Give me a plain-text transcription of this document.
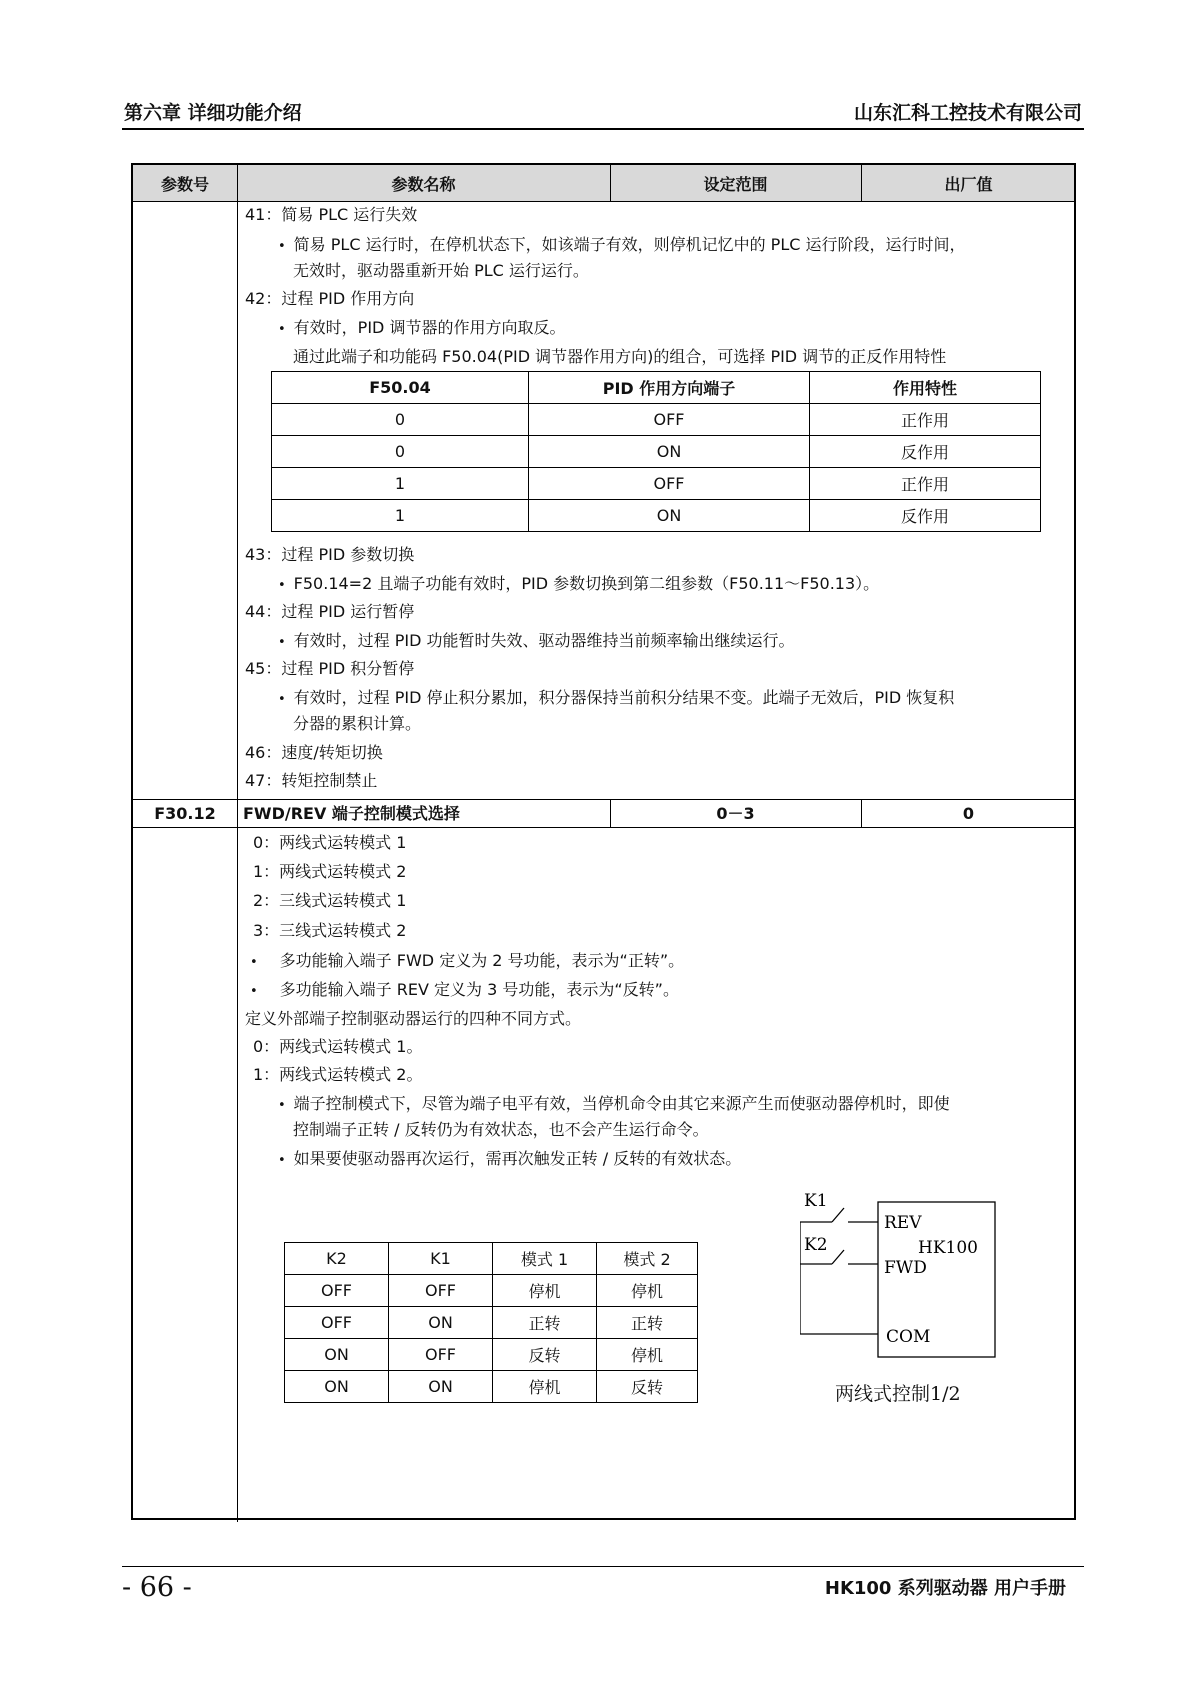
第六章 详细功能介绍	山东汇科工控技术有限公司
参数号	参数名称	设定范围	出厂值
F30.12	FWD/REV 端子控制模式选择	0－3	0
41：简易 PLC 运行失效
• 简易 PLC 运行时，在停机状态下，如该端子有效，则停机记忆中的 PLC 运行阶段，运行时间，
无效时，驱动器重新开始 PLC 运行运行。
42：过程 PID 作用方向
• 有效时，PID 调节器的作用方向取反。
通过此端子和功能码 F50.04(PID 调节器作用方向)的组合，可选择 PID 调节的正反作用特性
F50.04	PID 作用方向端子	作用特性
0	OFF	正作用
0	ON	反作用
1	OFF	正作用
1	ON	反作用
43：过程 PID 参数切换
• F50.14=2 且端子功能有效时，PID 参数切换到第二组参数（F50.11～F50.13）。
44：过程 PID 运行暂停
• 有效时，过程 PID 功能暂时失效、驱动器维持当前频率输出继续运行。
45：过程 PID 积分暂停
• 有效时，过程 PID 停止积分累加，积分器保持当前积分结果不变。此端子无效后，PID 恢复积
分器的累积计算。
46：速度/转矩切换
47：转矩控制禁止
0：两线式运转模式 1
1：两线式运转模式 2
2：三线式运转模式 1
3：三线式运转模式 2
• 多功能输入端子 FWD 定义为 2 号功能，表示为“正转”。
• 多功能输入端子 REV 定义为 3 号功能，表示为“反转”。
定义外部端子控制驱动器运行的四种不同方式。
0：两线式运转模式 1。
1：两线式运转模式 2。
• 端子控制模式下，尽管为端子电平有效，当停机命令由其它来源产生而使驱动器停机时，即使
控制端子正转 / 反转仍为有效状态，也不会产生运行命令。
• 如果要使驱动器再次运行，需再次触发正转 / 反转的有效状态。
K2	K1	模式 1	模式 2
OFF	OFF	停机	停机
OFF	ON	正转	正转
ON	OFF	反转	停机
ON	ON	停机	反转
K1
K2
REV
FWD
HK100
COM
两线式控制1/2
- 66 -	HK100 系列驱动器 用户手册
